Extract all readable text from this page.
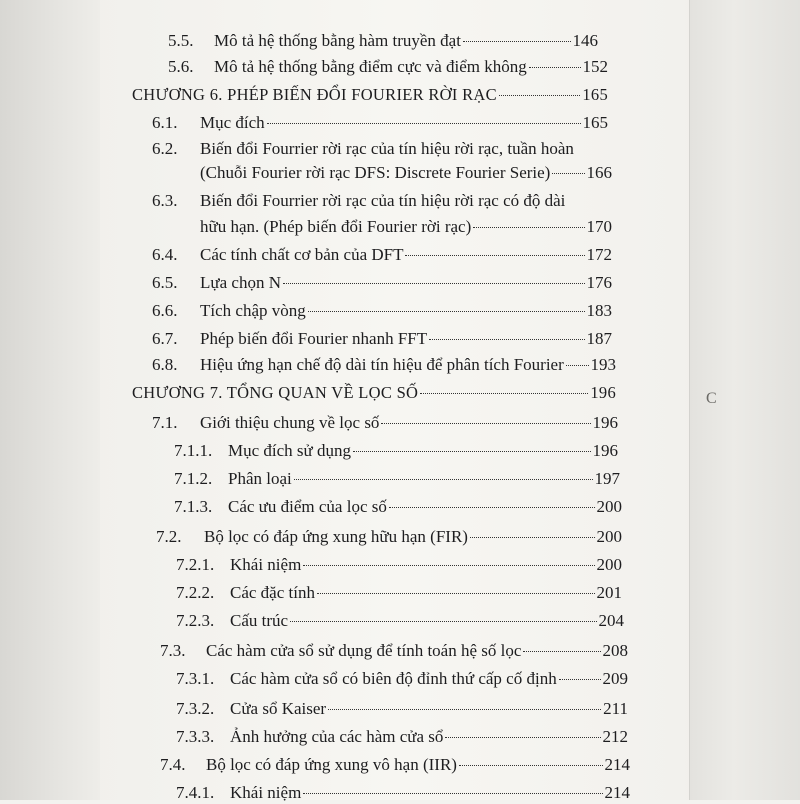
C
5.5.	Mô tả hệ thống bằng hàm truyền đạt	146
5.6.	Mô tả hệ thống bằng điểm cực và điểm không	152
CHƯƠNG 6. PHÉP BIẾN ĐỔI FOURIER RỜI RẠC	165
6.1.	Mục đích	165
6.2. Biến đổi Fourrier rời rạc của tín hiệu rời rạc, tuần hoàn
(Chuỗi Fourier rời rạc DFS: Discrete Fourier Serie) 166
6.3. Biến đổi Fourrier rời rạc của tín hiệu rời rạc có độ dài
hữu hạn. (Phép biến đổi Fourier rời rạc)	170
6.4.	Các tính chất cơ bản của DFT	172
6.5.	Lựa chọn N	176
6.6.	Tích chập vòng	183
6.7.	Phép biến đổi Fourier nhanh FFT	187
6.8.	Hiệu ứng hạn chế độ dài tín hiệu để phân tích Fourier 193
CHƯƠNG 7. TỔNG QUAN VỀ LỌC SỐ	196
7.1.	Giới thiệu chung về lọc số	196
7.1.1. Mục đích sử dụng	196
7.1.2. Phân loại	197
7.1.3. Các ưu điểm của lọc số	200
7.2.	Bộ lọc có đáp ứng xung hữu hạn (FIR)	200
7.2.1. Khái niệm	200
7.2.2. Các đặc tính	201
7.2.3. Cấu trúc	204
7.3.	Các hàm cửa sổ sử dụng để tính toán hệ số lọc	208
7.3.1. Các hàm cửa sổ có biên độ đỉnh thứ cấp cố định	209
7.3.2. Cửa sổ Kaiser	211
7.3.3. Ảnh hưởng của các hàm cửa sổ	212
7.4.	Bộ lọc có đáp ứng xung vô hạn (IIR)	214
7.4.1. Khái niệm	214
